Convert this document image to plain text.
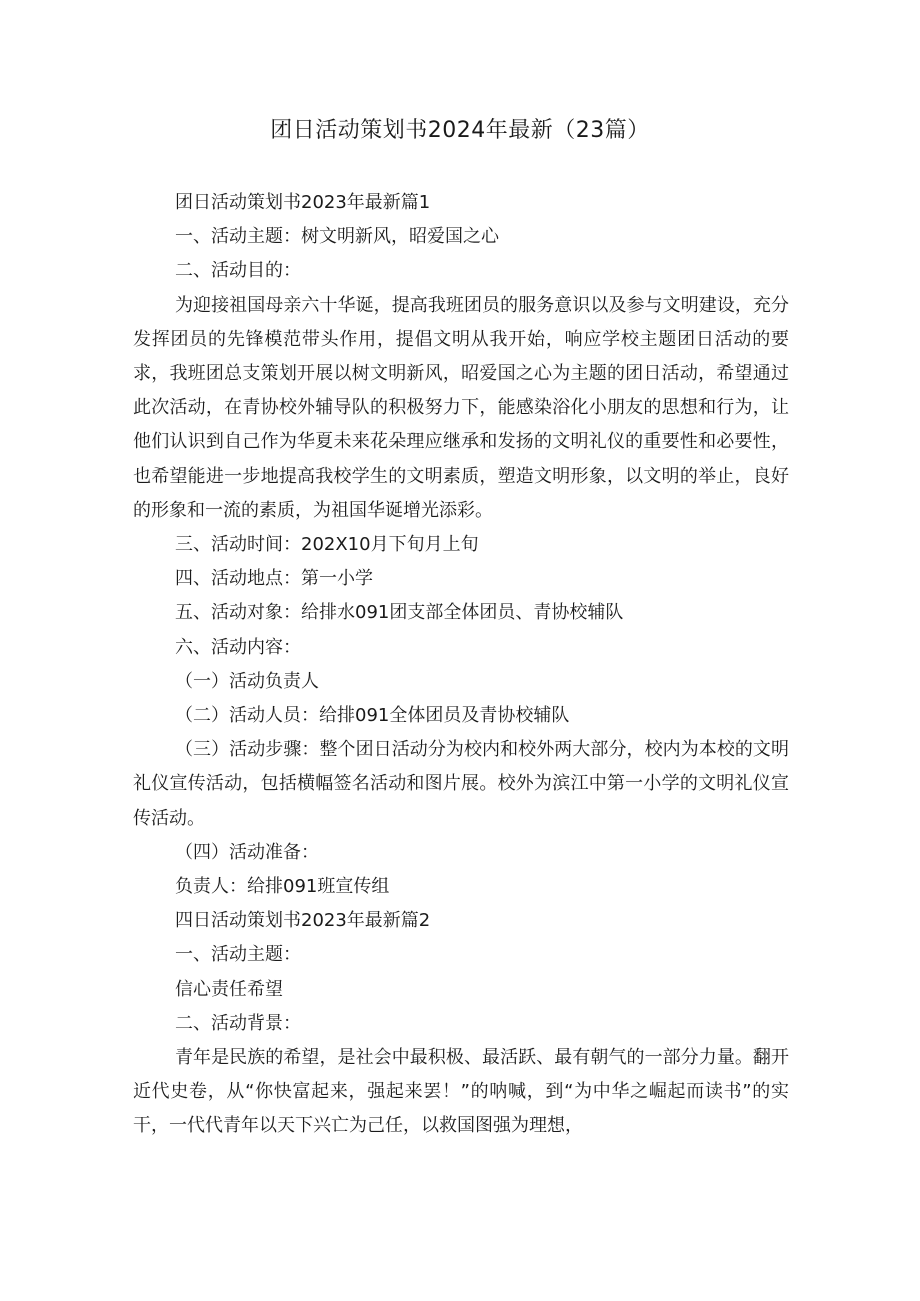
团日活动策划书2024年最新（23篇）

团日活动策划书2023年最新篇1

一、活动主题：树文明新风，昭爱国之心

二、活动目的：

为迎接祖国母亲六十华诞，提高我班团员的服务意识以及参与文明建设，充分发挥团员的先锋模范带头作用，提倡文明从我开始，响应学校主题团日活动的要求，我班团总支策划开展以树文明新风，昭爱国之心为主题的团日活动，希望通过此次活动，在青协校外辅导队的积极努力下，能感染浴化小朋友的思想和行为，让他们认识到自己作为华夏未来花朵理应继承和发扬的文明礼仪的重要性和必要性，也希望能进一步地提高我校学生的文明素质，塑造文明形象，以文明的举止，良好的形象和一流的素质，为祖国华诞增光添彩。

三、活动时间：202X10月下旬月上旬

四、活动地点：第一小学

五、活动对象：给排水091团支部全体团员、青协校辅队

六、活动内容：

（一）活动负责人

（二）活动人员：给排091全体团员及青协校辅队

（三）活动步骤：整个团日活动分为校内和校外两大部分，校内为本校的文明礼仪宣传活动，包括横幅签名活动和图片展。校外为滨江中第一小学的文明礼仪宣传活动。

（四）活动准备：

负责人：给排091班宣传组

四日活动策划书2023年最新篇2

一、活动主题：

信心责任希望

二、活动背景：

青年是民族的希望，是社会中最积极、最活跃、最有朝气的一部分力量。翻开近代史卷，从“你快富起来，强起来罢！”的呐喊，到“为中华之崛起而读书”的实干，一代代青年以天下兴亡为己任，以救国图强为理想，
